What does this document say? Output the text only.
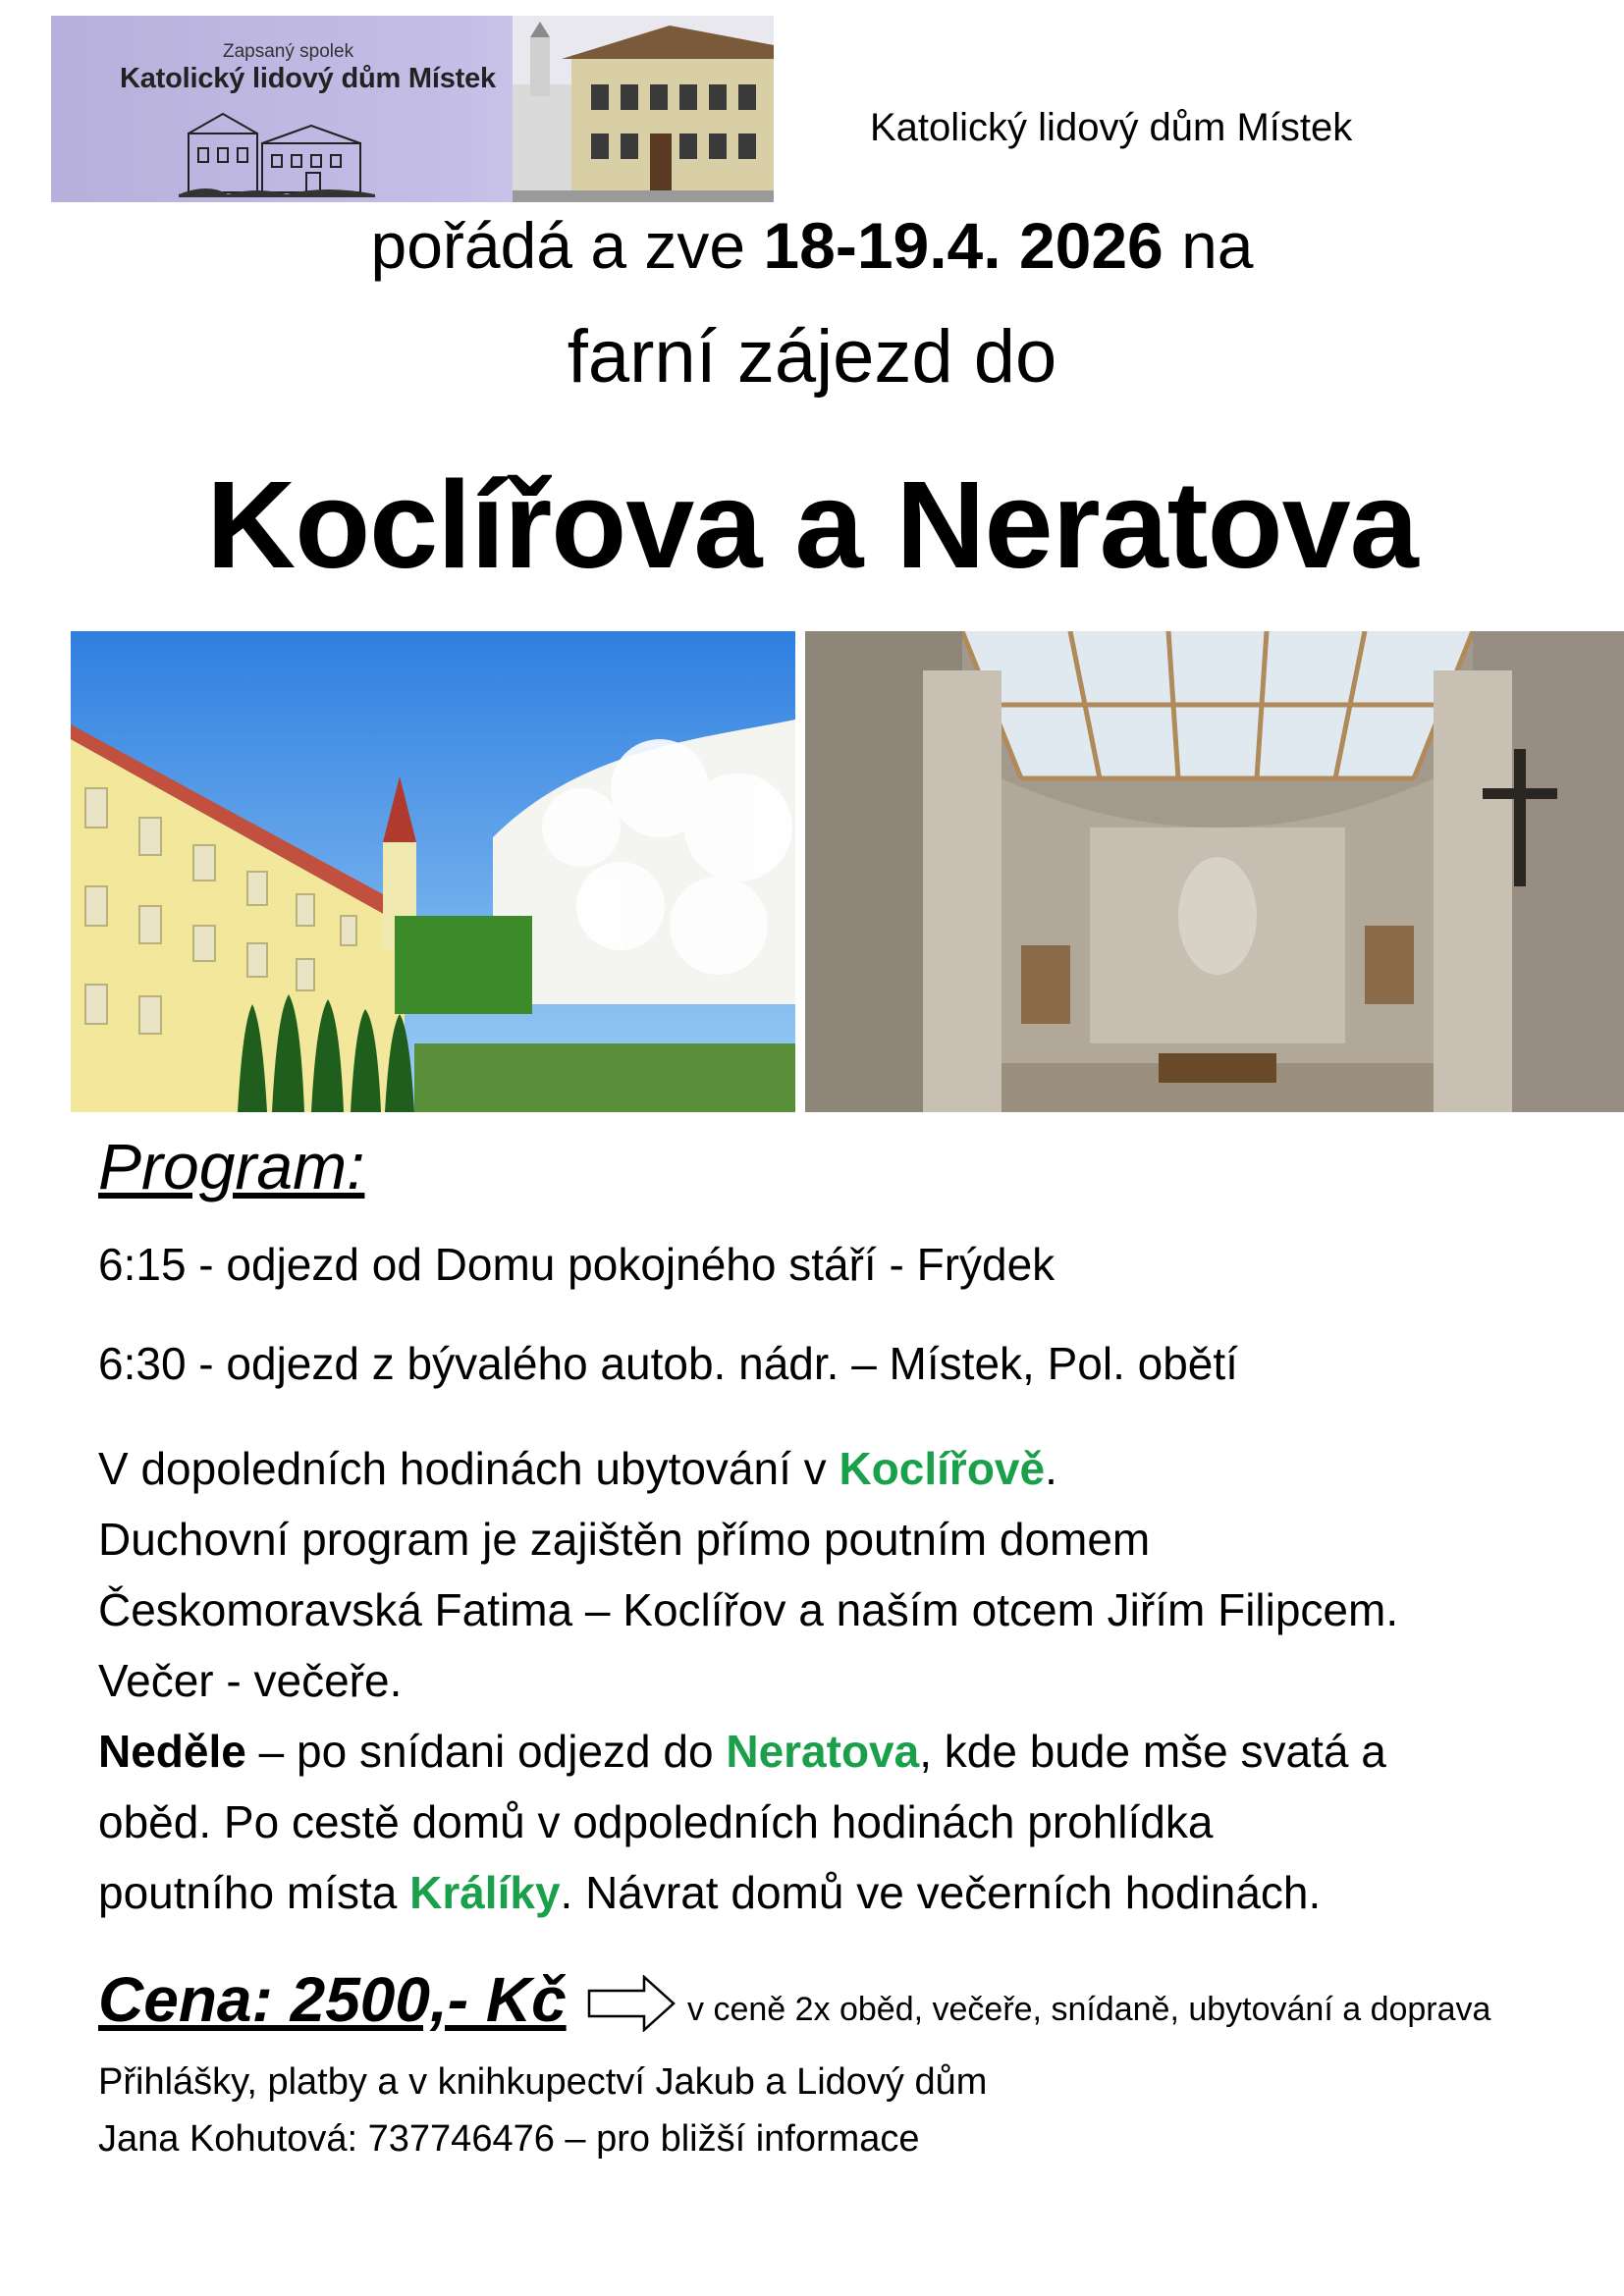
Zapsaný spolek
Katolický lidový dům Místek
Katolický lidový dům Místek
pořádá a zve 18-19.4. 2026 na
farní zájezd do
Koclířova a Neratova
Program:
6:15 - odjezd od Domu pokojného stáří - Frýdek
6:30 - odjezd z bývalého autob. nádr. – Místek, Pol. obětí
V dopoledních hodinách ubytování v Koclířově.
Duchovní program je zajištěn přímo poutním domem
Českomoravská Fatima – Koclířov a naším otcem Jiřím Filipcem.
Večer - večeře.
Neděle – po snídani odjezd do Neratova, kde bude mše svatá a
oběd. Po cestě domů v odpoledních hodinách prohlídka
poutního místa Králíky. Návrat domů ve večerních hodinách.
Cena: 2500,- Kč	v ceně 2x oběd, večeře, snídaně, ubytování a doprava
Přihlášky, platby a v knihkupectví Jakub a Lidový dům
Jana Kohutová: 737746476 – pro bližší informace
